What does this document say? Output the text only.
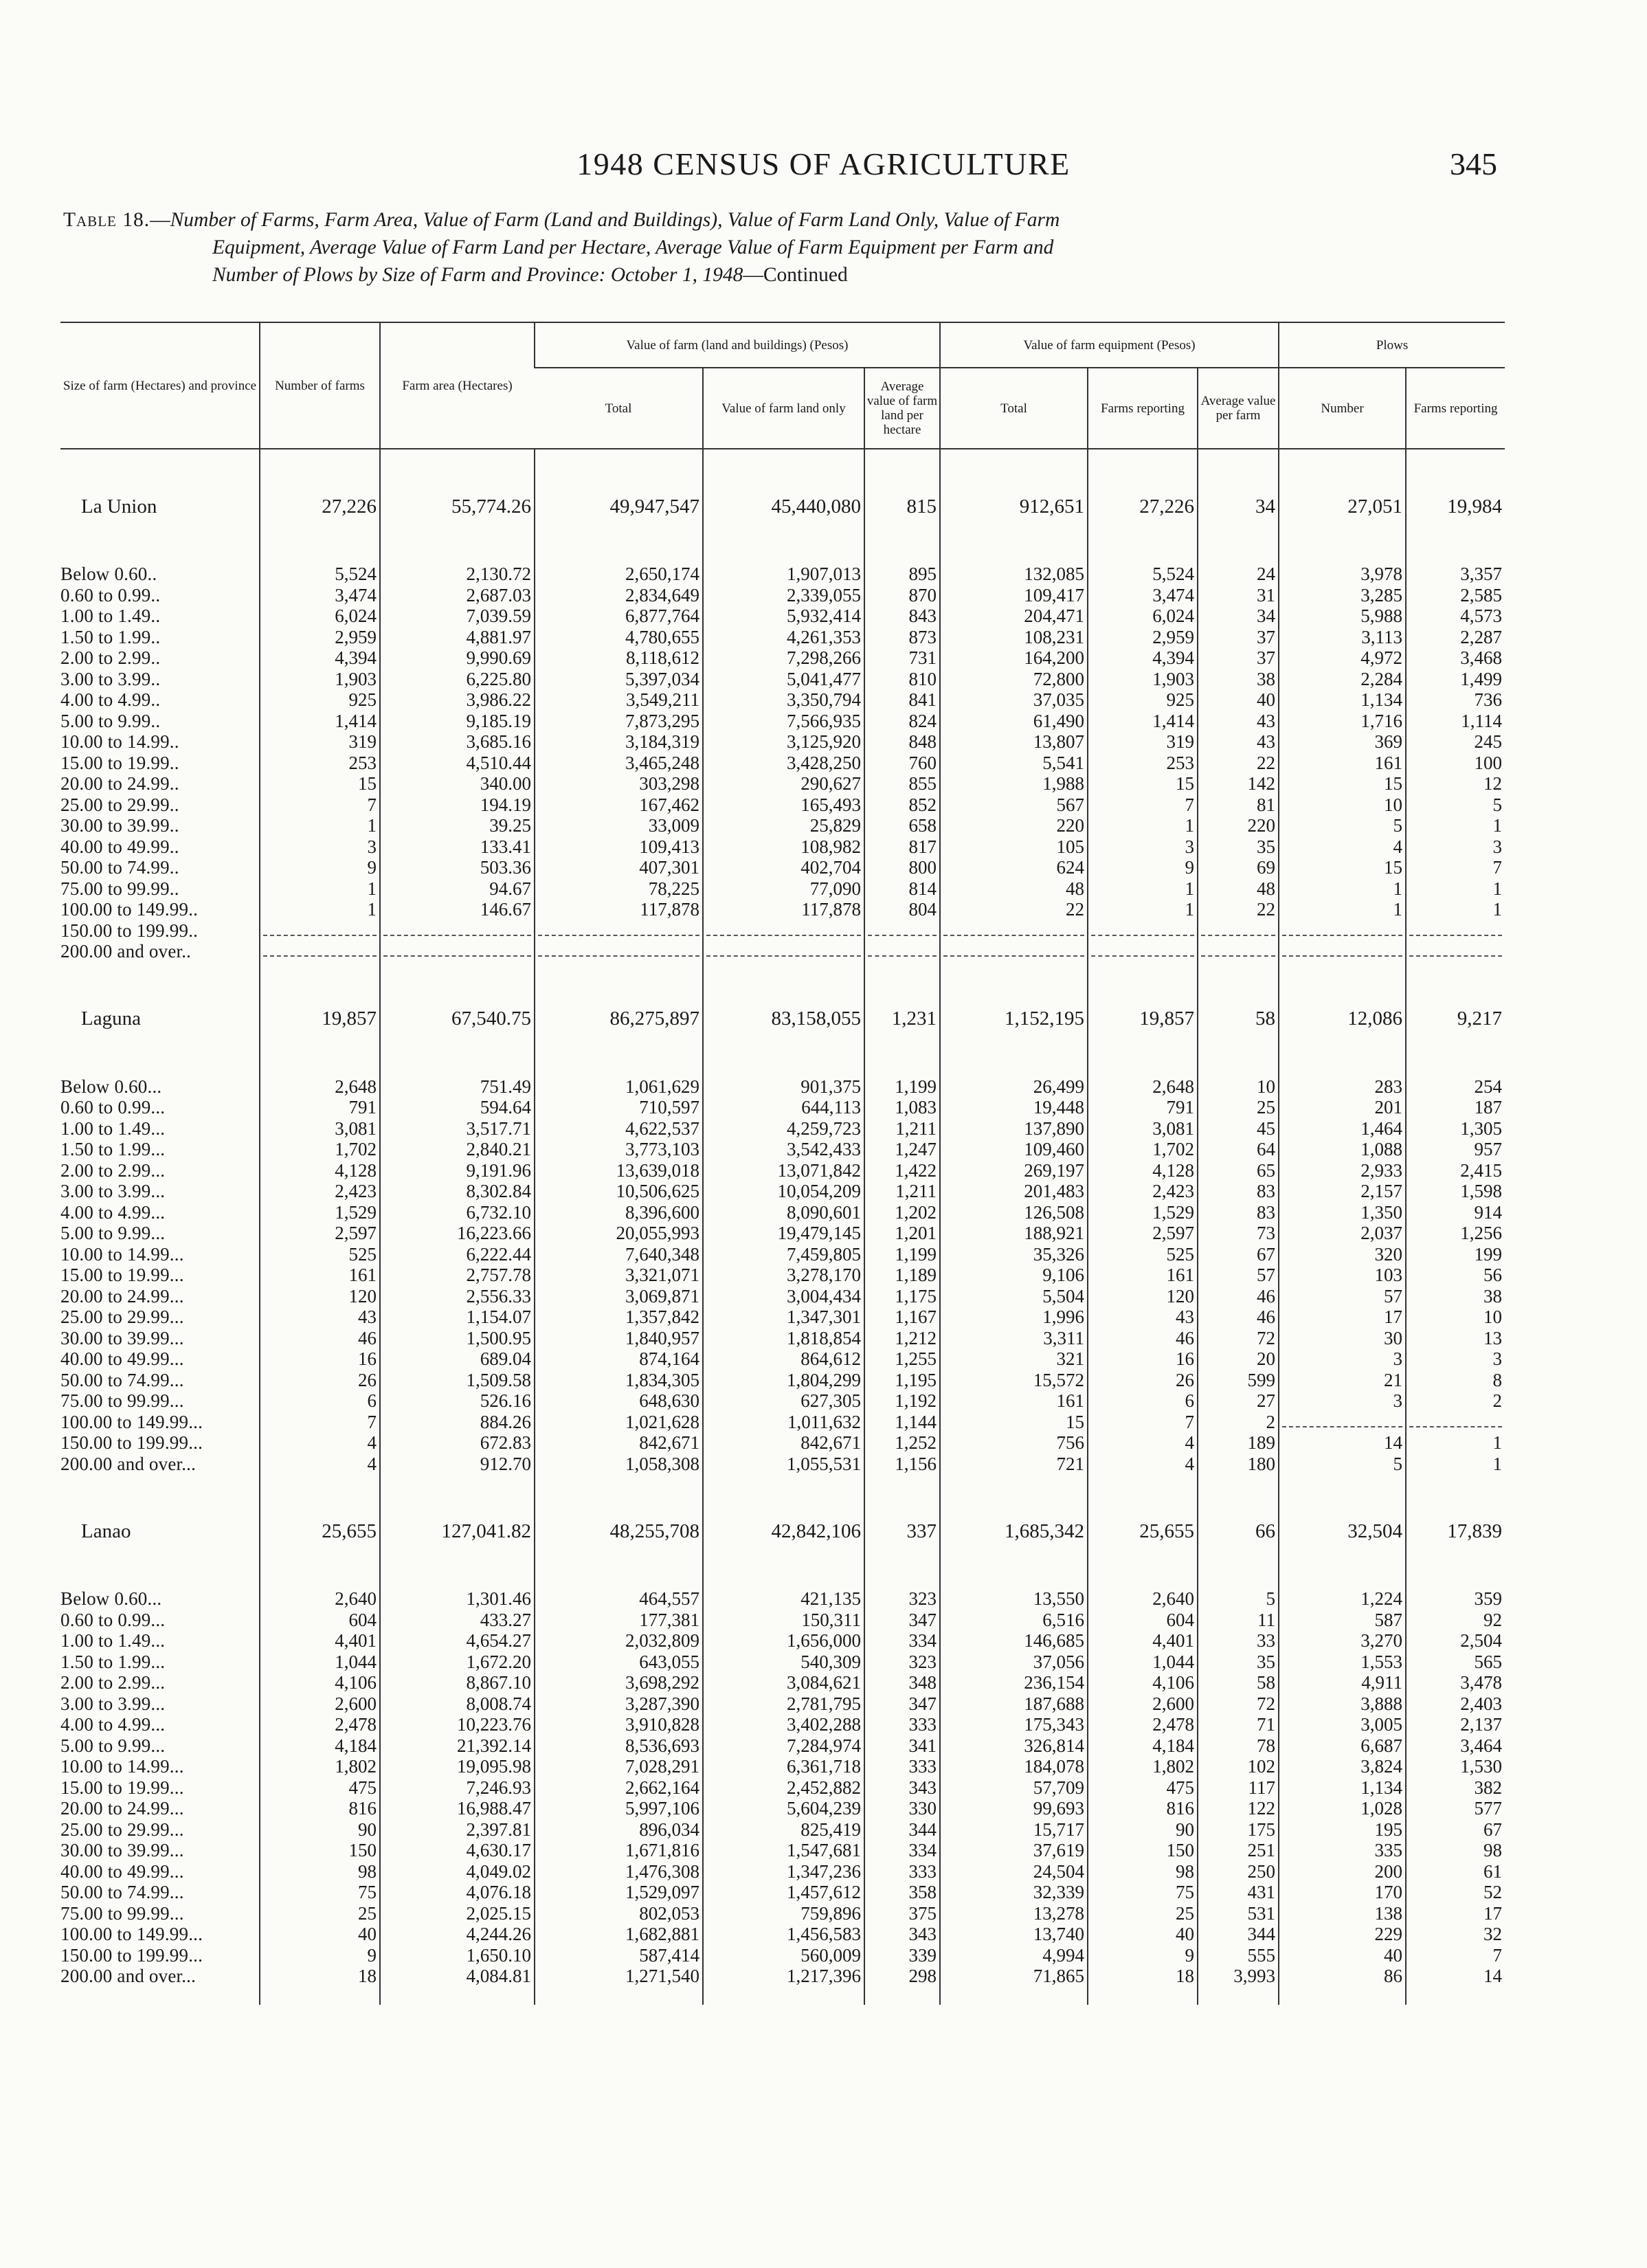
1948 CENSUS OF AGRICULTURE	345
Table 18.—Number of Farms, Farm Area, Value of Farm (Land and Buildings), Value of Farm Land Only, Value of Farm
Equipment, Average Value of Farm Land per Hectare, Average Value of Farm Equipment per Farm and
Number of Plows by Size of Farm and Province: October 1, 1948—Continued
Size of farm (Hectares) and province	Number of farms	Farm area (Hectares)	Value of farm (land and buildings) (Pesos)			Value of farm equipment (Pesos)			Plows	
			Total	Value of farm land only	Average value of farm land per hectare	Total	Farms reporting	Average value per farm	Number	Farms reporting

La Union	27,226	55,774.26	49,947,547	45,440,080	815	912,651	27,226	34	27,051	19,984

Below 0.60..	5,524	2,130.72	2,650,174	1,907,013	895	132,085	5,524	24	3,978	3,357
0.60 to 0.99..	3,474	2,687.03	2,834,649	2,339,055	870	109,417	3,474	31	3,285	2,585
1.00 to 1.49..	6,024	7,039.59	6,877,764	5,932,414	843	204,471	6,024	34	5,988	4,573
1.50 to 1.99..	2,959	4,881.97	4,780,655	4,261,353	873	108,231	2,959	37	3,113	2,287
2.00 to 2.99..	4,394	9,990.69	8,118,612	7,298,266	731	164,200	4,394	37	4,972	3,468
3.00 to 3.99..	1,903	6,225.80	5,397,034	5,041,477	810	72,800	1,903	38	2,284	1,499
4.00 to 4.99..	925	3,986.22	3,549,211	3,350,794	841	37,035	925	40	1,134	736
5.00 to 9.99..	1,414	9,185.19	7,873,295	7,566,935	824	61,490	1,414	43	1,716	1,114
10.00 to 14.99..	319	3,685.16	3,184,319	3,125,920	848	13,807	319	43	369	245
15.00 to 19.99..	253	4,510.44	3,465,248	3,428,250	760	5,541	253	22	161	100
20.00 to 24.99..	15	340.00	303,298	290,627	855	1,988	15	142	15	12
25.00 to 29.99..	7	194.19	167,462	165,493	852	567	7	81	10	5
30.00 to 39.99..	1	39.25	33,009	25,829	658	220	1	220	5	1
40.00 to 49.99..	3	133.41	109,413	108,982	817	105	3	35	4	3
50.00 to 74.99..	9	503.36	407,301	402,704	800	624	9	69	15	7
75.00 to 99.99..	1	94.67	78,225	77,090	814	48	1	48	1	1
100.00 to 149.99..	1	146.67	117,878	117,878	804	22	1	22	1	1
150.00 to 199.99..	

200.00 and over..	

Laguna	19,857	67,540.75	86,275,897	83,158,055	1,231	1,152,195	19,857	58	12,086	9,217

Below 0.60...	2,648	751.49	1,061,629	901,375	1,199	26,499	2,648	10	283	254
0.60 to 0.99...	791	594.64	710,597	644,113	1,083	19,448	791	25	201	187
1.00 to 1.49...	3,081	3,517.71	4,622,537	4,259,723	1,211	137,890	3,081	45	1,464	1,305
1.50 to 1.99...	1,702	2,840.21	3,773,103	3,542,433	1,247	109,460	1,702	64	1,088	957
2.00 to 2.99...	4,128	9,191.96	13,639,018	13,071,842	1,422	269,197	4,128	65	2,933	2,415
3.00 to 3.99...	2,423	8,302.84	10,506,625	10,054,209	1,211	201,483	2,423	83	2,157	1,598
4.00 to 4.99...	1,529	6,732.10	8,396,600	8,090,601	1,202	126,508	1,529	83	1,350	914
5.00 to 9.99...	2,597	16,223.66	20,055,993	19,479,145	1,201	188,921	2,597	73	2,037	1,256
10.00 to 14.99...	525	6,222.44	7,640,348	7,459,805	1,199	35,326	525	67	320	199
15.00 to 19.99...	161	2,757.78	3,321,071	3,278,170	1,189	9,106	161	57	103	56
20.00 to 24.99...	120	2,556.33	3,069,871	3,004,434	1,175	5,504	120	46	57	38
25.00 to 29.99...	43	1,154.07	1,357,842	1,347,301	1,167	1,996	43	46	17	10
30.00 to 39.99...	46	1,500.95	1,840,957	1,818,854	1,212	3,311	46	72	30	13
40.00 to 49.99...	16	689.04	874,164	864,612	1,255	321	16	20	3	3
50.00 to 74.99...	26	1,509.58	1,834,305	1,804,299	1,195	15,572	26	599	21	8
75.00 to 99.99...	6	526.16	648,630	627,305	1,192	161	6	27	3	2
100.00 to 149.99...	7	884.26	1,021,628	1,011,632	1,144	15	7	2	

150.00 to 199.99...	4	672.83	842,671	842,671	1,252	756	4	189	14	1
200.00 and over...	4	912.70	1,058,308	1,055,531	1,156	721	4	180	5	1

Lanao	25,655	127,041.82	48,255,708	42,842,106	337	1,685,342	25,655	66	32,504	17,839

Below 0.60...	2,640	1,301.46	464,557	421,135	323	13,550	2,640	5	1,224	359
0.60 to 0.99...	604	433.27	177,381	150,311	347	6,516	604	11	587	92
1.00 to 1.49...	4,401	4,654.27	2,032,809	1,656,000	334	146,685	4,401	33	3,270	2,504
1.50 to 1.99...	1,044	1,672.20	643,055	540,309	323	37,056	1,044	35	1,553	565
2.00 to 2.99...	4,106	8,867.10	3,698,292	3,084,621	348	236,154	4,106	58	4,911	3,478
3.00 to 3.99...	2,600	8,008.74	3,287,390	2,781,795	347	187,688	2,600	72	3,888	2,403
4.00 to 4.99...	2,478	10,223.76	3,910,828	3,402,288	333	175,343	2,478	71	3,005	2,137
5.00 to 9.99...	4,184	21,392.14	8,536,693	7,284,974	341	326,814	4,184	78	6,687	3,464
10.00 to 14.99...	1,802	19,095.98	7,028,291	6,361,718	333	184,078	1,802	102	3,824	1,530
15.00 to 19.99...	475	7,246.93	2,662,164	2,452,882	343	57,709	475	117	1,134	382
20.00 to 24.99...	816	16,988.47	5,997,106	5,604,239	330	99,693	816	122	1,028	577
25.00 to 29.99...	90	2,397.81	896,034	825,419	344	15,717	90	175	195	67
30.00 to 39.99...	150	4,630.17	1,671,816	1,547,681	334	37,619	150	251	335	98
40.00 to 49.99...	98	4,049.02	1,476,308	1,347,236	333	24,504	98	250	200	61
50.00 to 74.99...	75	4,076.18	1,529,097	1,457,612	358	32,339	75	431	170	52
75.00 to 99.99...	25	2,025.15	802,053	759,896	375	13,278	25	531	138	17
100.00 to 149.99...	40	4,244.26	1,682,881	1,456,583	343	13,740	40	344	229	32
150.00 to 199.99...	9	1,650.10	587,414	560,009	339	4,994	9	555	40	7
200.00 and over...	18	4,084.81	1,271,540	1,217,396	298	71,865	18	3,993	86	14
